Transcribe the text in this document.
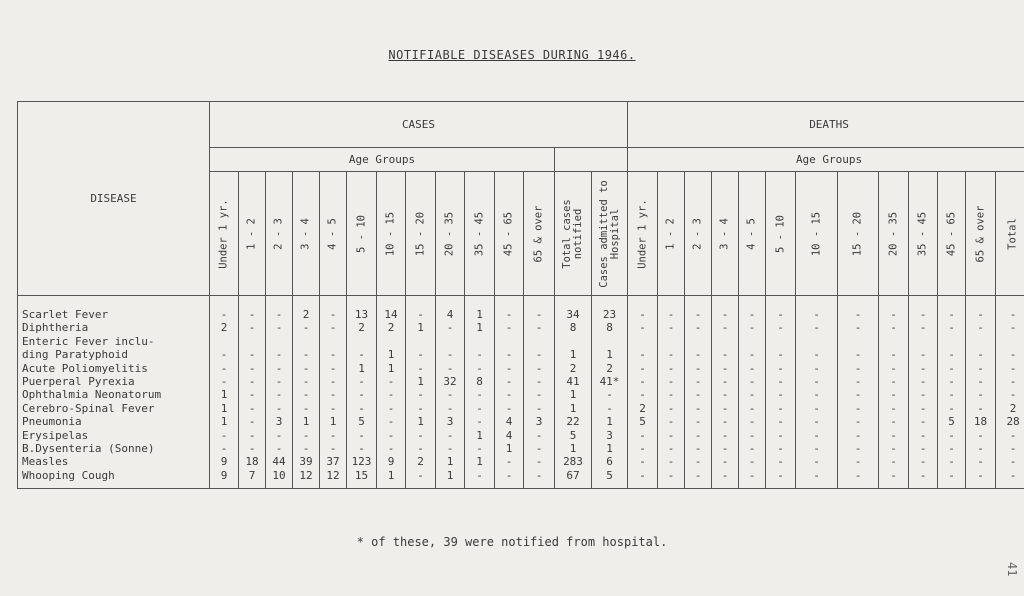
NOTIFIABLE DISEASES DURING 1946.
DISEASE	CASES														DEATHS												
	Age Groups														Age Groups												

	Under 1 yr.	1 - 2	2 - 3	3 - 4	4 - 5	5 - 10	10 - 15	15 - 20	20 - 35	35 - 45	45 - 65	65 & over	Total cases notified	Cases admitted to Hospital	Under 1 yr.	1 - 2	2 - 3	3 - 4	4 - 5	5 - 10	10 - 15	15 - 20	20 - 35	35 - 45	45 - 65	65 & over	Total

Scarlet Fever	-	-	-	2	-	13	14	-	4	1	-	-	34	23	-	-	-	-	-	-	-	-	-	-	-	-	-
Diphtheria	2	-	-	-	-	2	2	1	-	1	-	-	8	8	-	-	-	-	-	-	-	-	-	-	-	-	-
Enteric Fever inclu-																											
ding Paratyphoid	-	-	-	-	-	-	1	-	-	-	-	-	1	1	-	-	-	-	-	-	-	-	-	-	-	-	-
Acute Poliomyelitis	-	-	-	-	-	1	1	-	-	-	-	-	2	2	-	-	-	-	-	-	-	-	-	-	-	-	-
Puerperal Pyrexia	-	-	-	-	-	-	-	1	32	8	-	-	41	41*	-	-	-	-	-	-	-	-	-	-	-	-	-
Ophthalmia Neonatorum	1	-	-	-	-	-	-	-	-	-	-	-	1	-	-	-	-	-	-	-	-	-	-	-	-	-	-
Cerebro-Spinal Fever	1	-	-	-	-	-	-	-	-	-	-	-	1	-	2	-	-	-	-	-	-	-	-	-	-	-	2
Pneumonia	1	-	3	1	1	5	-	1	3	-	4	3	22	1	5	-	-	-	-	-	-	-	-	-	5	18	28
Erysipelas	-	-	-	-	-	-	-	-	-	1	4	-	5	3	-	-	-	-	-	-	-	-	-	-	-	-	-
B.Dysenteria (Sonne)	-	-	-	-	-	-	-	-	-	-	1	-	1	1	-	-	-	-	-	-	-	-	-	-	-	-	-
Measles	9	18	44	39	37	123	9	2	1	1	-	-	283	6	-	-	-	-	-	-	-	-	-	-	-	-	-
Whooping Cough	9	7	10	12	12	15	1	-	1	-	-	-	67	5	-	-	-	-	-	-	-	-	-	-	-	-	-
* of these, 39 were notified from hospital.
41
